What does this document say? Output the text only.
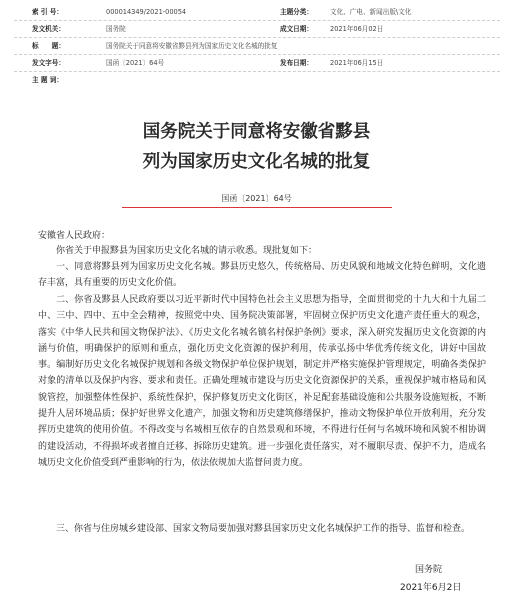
索 引 号：	000014349/2021-00054	主题分类：	文化、广电、新闻出版\文化
发文机关：	国务院	成文日期：	2021年06月02日
标　　题：	国务院关于同意将安徽省黟县列为国家历史文化名城的批复
发文字号：	国函〔2021〕64号	发布日期：	2021年06月15日
主 题 词：
国务院关于同意将安徽省黟县
列为国家历史文化名城的批复
国函〔2021〕64号
安徽省人民政府：

你省关于申报黟县为国家历史文化名城的请示收悉。现批复如下：

一、同意将黟县列为国家历史文化名城。黟县历史悠久，传统格局、历史风貌和地域文化特色鲜明，文化遗存丰富，具有重要的历史文化价值。

二、你省及黟县人民政府要以习近平新时代中国特色社会主义思想为指导，全面贯彻党的十九大和十九届二中、三中、四中、五中全会精神，按照党中央、国务院决策部署，牢固树立保护历史文化遗产责任重大的观念，落实《中华人民共和国文物保护法》、《历史文化名城名镇名村保护条例》要求，深入研究发掘历史文化资源的内涵与价值，明确保护的原则和重点，强化历史文化资源的保护利用，传承弘扬中华优秀传统文化，讲好中国故事。编制好历史文化名城保护规划和各级文物保护单位保护规划，制定并严格实施保护管理规定，明确各类保护对象的清单以及保护内容、要求和责任。正确处理城市建设与历史文化资源保护的关系，重视保护城市格局和风貌管控，加强整体性保护、系统性保护，保护修复历史文化街区，补足配套基础设施和公共服务设施短板，不断提升人居环境品质；保护好世界文化遗产，加强文物和历史建筑修缮保护，推动文物保护单位开放利用，充分发挥历史建筑的使用价值。不得改变与名城相互依存的自然景观和环境，不得进行任何与名城环境和风貌不相协调的建设活动，不得损坏或者擅自迁移、拆除历史建筑。进一步强化责任落实，对不履职尽责、保护不力，造成名城历史文化价值受到严重影响的行为，依法依规加大监督问责力度。

三、你省与住房城乡建设部、国家文物局要加强对黟县国家历史文化名城保护工作的指导、监督和检查。

国务院
2021年6月2日
